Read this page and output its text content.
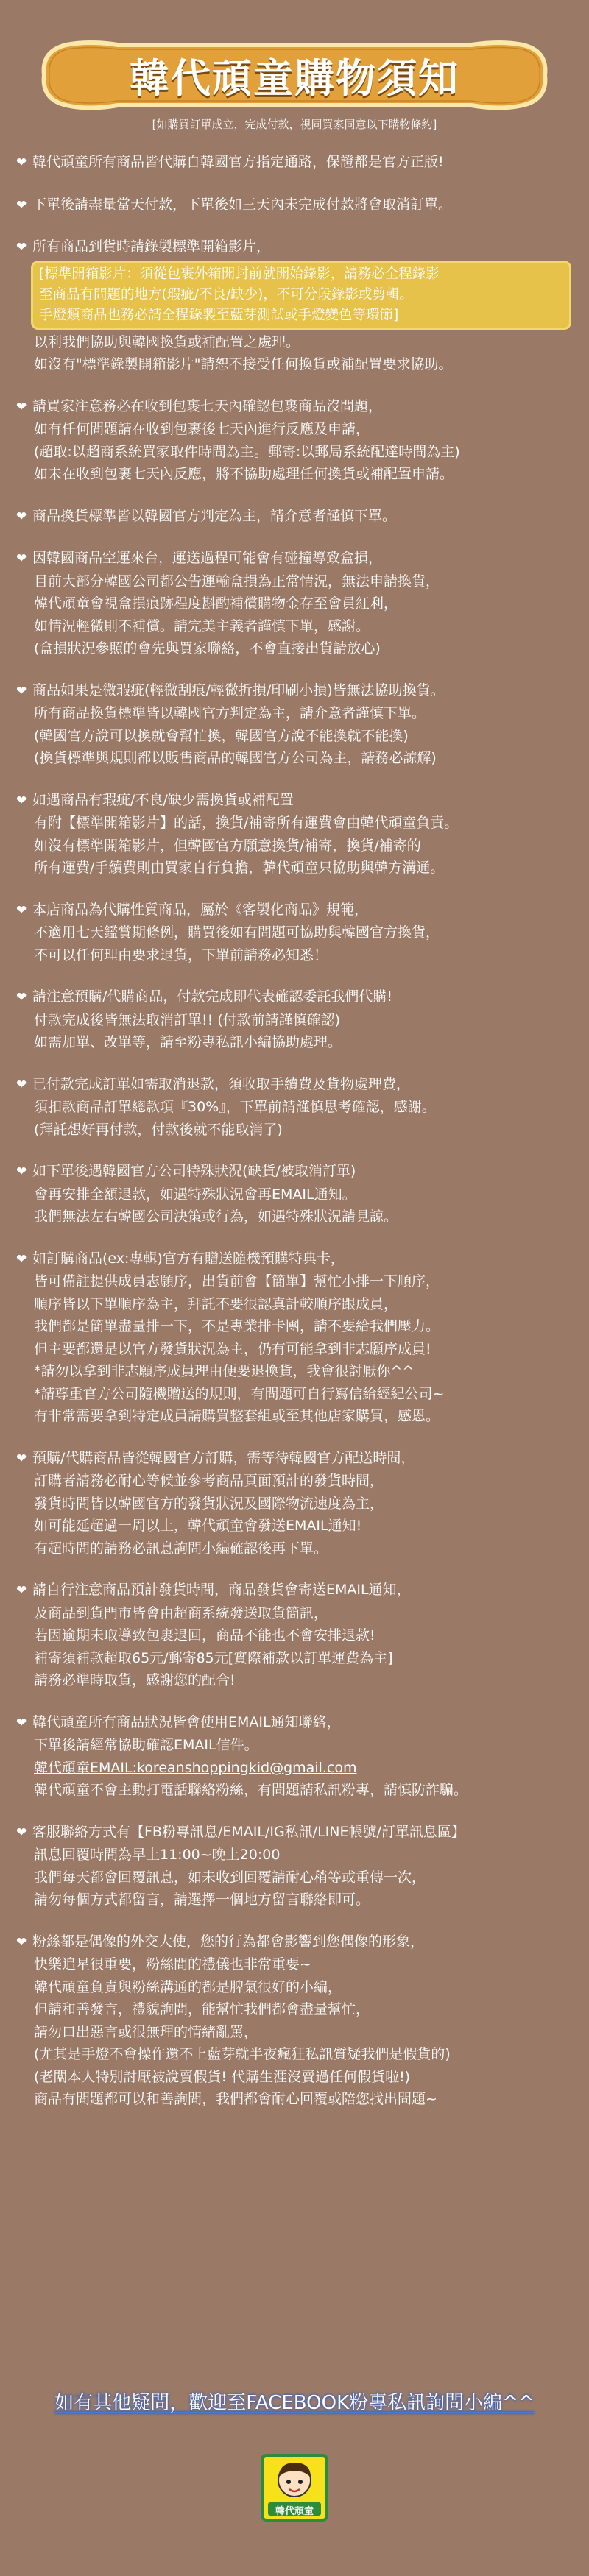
韓代頑童購物須知
[如購買訂單成立，完成付款，視同買家同意以下購物條約]
❤ 韓代頑童所有商品皆代購自韓國官方指定通路，保證都是官方正版!
❤ 下單後請盡量當天付款，下單後如三天內未完成付款將會取消訂單。
❤ 所有商品到貨時請錄製標準開箱影片，
[標準開箱影片：須從包裹外箱開封前就開始錄影，請務必全程錄影
至商品有問題的地方(瑕疵/不良/缺少)，不可分段錄影或剪輯。
手燈類商品也務必請全程錄製至藍芽測試或手燈變色等環節]
以利我們協助與韓國換貨或補配置之處理。
如沒有"標準錄製開箱影片"請恕不接受任何換貨或補配置要求協助。
❤ 請買家注意務必在收到包裹七天內確認包裹商品沒問題，
如有任何問題請在收到包裹後七天內進行反應及申請，
(超取:以超商系統買家取件時間為主。郵寄:以郵局系統配達時間為主)
如未在收到包裹七天內反應，將不協助處理任何換貨或補配置申請。
❤ 商品換貨標準皆以韓國官方判定為主，請介意者謹慎下單。
❤ 因韓國商品空運來台，運送過程可能會有碰撞導致盒損，
目前大部分韓國公司都公告運輸盒損為正常情況，無法申請換貨，
韓代頑童會視盒損痕跡程度斟酌補償購物金存至會員紅利，
如情況輕微則不補償。請完美主義者謹慎下單，感謝。
(盒損狀況參照的會先與買家聯絡，不會直接出貨請放心)
❤ 商品如果是微瑕疵(輕微刮痕/輕微折損/印刷小損)皆無法協助換貨。
所有商品換貨標準皆以韓國官方判定為主，請介意者謹慎下單。
(韓國官方說可以換就會幫忙換，韓國官方說不能換就不能換)
(換貨標準與規則都以販售商品的韓國官方公司為主，請務必諒解)
❤ 如遇商品有瑕疵/不良/缺少需換貨或補配置
有附【標準開箱影片】的話，換貨/補寄所有運費會由韓代頑童負責。
如沒有標準開箱影片，但韓國官方願意換貨/補寄，換貨/補寄的
所有運費/手續費則由買家自行負擔，韓代頑童只協助與韓方溝通。
❤ 本店商品為代購性質商品，屬於《客製化商品》規範，
不適用七天鑑賞期條例，購買後如有問題可協助與韓國官方換貨，
不可以任何理由要求退貨，下單前請務必知悉！
❤ 請注意預購/代購商品，付款完成即代表確認委託我們代購!
付款完成後皆無法取消訂單!! (付款前請謹慎確認)
如需加單、改單等，請至粉專私訊小編協助處理。
❤ 已付款完成訂單如需取消退款，須收取手續費及貨物處理費，
須扣款商品訂單總款項『30%』，下單前請謹慎思考確認，感謝。
(拜託想好再付款，付款後就不能取消了)
❤ 如下單後遇韓國官方公司特殊狀況(缺貨/被取消訂單)
會再安排全額退款，如遇特殊狀況會再EMAIL通知。
我們無法左右韓國公司決策或行為，如遇特殊狀況請見諒。
❤ 如訂購商品(ex:專輯)官方有贈送隨機預購特典卡，
皆可備註提供成員志願序，出貨前會【簡單】幫忙小排一下順序，
順序皆以下單順序為主，拜託不要很認真計較順序跟成員，
我們都是簡單盡量排一下，不是專業排卡團，請不要給我們壓力。
但主要都還是以官方發貨狀況為主，仍有可能拿到非志願序成員!
*請勿以拿到非志願序成員理由便要退換貨，我會很討厭你^^
*請尊重官方公司隨機贈送的規則，有問題可自行寫信給經紀公司~
有非常需要拿到特定成員請購買整套組或至其他店家購買，感恩。
❤ 預購/代購商品皆從韓國官方訂購，需等待韓國官方配送時間，
訂購者請務必耐心等候並參考商品頁面預計的發貨時間，
發貨時間皆以韓國官方的發貨狀況及國際物流速度為主，
如可能延超過一周以上，韓代頑童會發送EMAIL通知!
有超時問的請務必訊息詢問小編確認後再下單。
❤ 請自行注意商品預計發貨時間，商品發貨會寄送EMAIL通知，
及商品到貨門市皆會由超商系統發送取貨簡訊，
若因逾期未取導致包裹退回，商品不能也不會安排退款!
補寄須補款超取65元/郵寄85元[實際補款以訂單運費為主]
請務必準時取貨，感謝您的配合!
❤ 韓代頑童所有商品狀況皆會使用EMAIL通知聯絡，
下單後請經常協助確認EMAIL信件。
韓代頑童EMAIL:koreanshoppingkid@gmail.com
韓代頑童不會主動打電話聯絡粉絲，有問題請私訊粉專，請慎防詐騙。
❤ 客服聯絡方式有【FB粉專訊息/EMAIL/IG私訊/LINE帳號/訂單訊息區】
訊息回覆時間為早上11:00~晚上20:00
我們每天都會回覆訊息，如未收到回覆請耐心稍等或重傳一次，
請勿每個方式都留言，請選擇一個地方留言聯絡即可。
❤ 粉絲都是偶像的外交大使，您的行為都會影響到您偶像的形象，
快樂追星很重要，粉絲間的禮儀也非常重要~
韓代頑童負責與粉絲溝通的都是脾氣很好的小編，
但請和善發言，禮貌詢問，能幫忙我們都會盡量幫忙，
請勿口出惡言或很無理的情緒亂罵，
(尤其是手燈不會操作還不上藍芽就半夜瘋狂私訊質疑我們是假貨的)
(老闆本人特別討厭被說賣假貨! 代購生涯沒賣過任何假貨啦!)
商品有問題都可以和善詢問，我們都會耐心回覆或陪您找出問題~
如有其他疑問，歡迎至FACEBOOK粉專私訊詢問小編^^
韓代頑童
